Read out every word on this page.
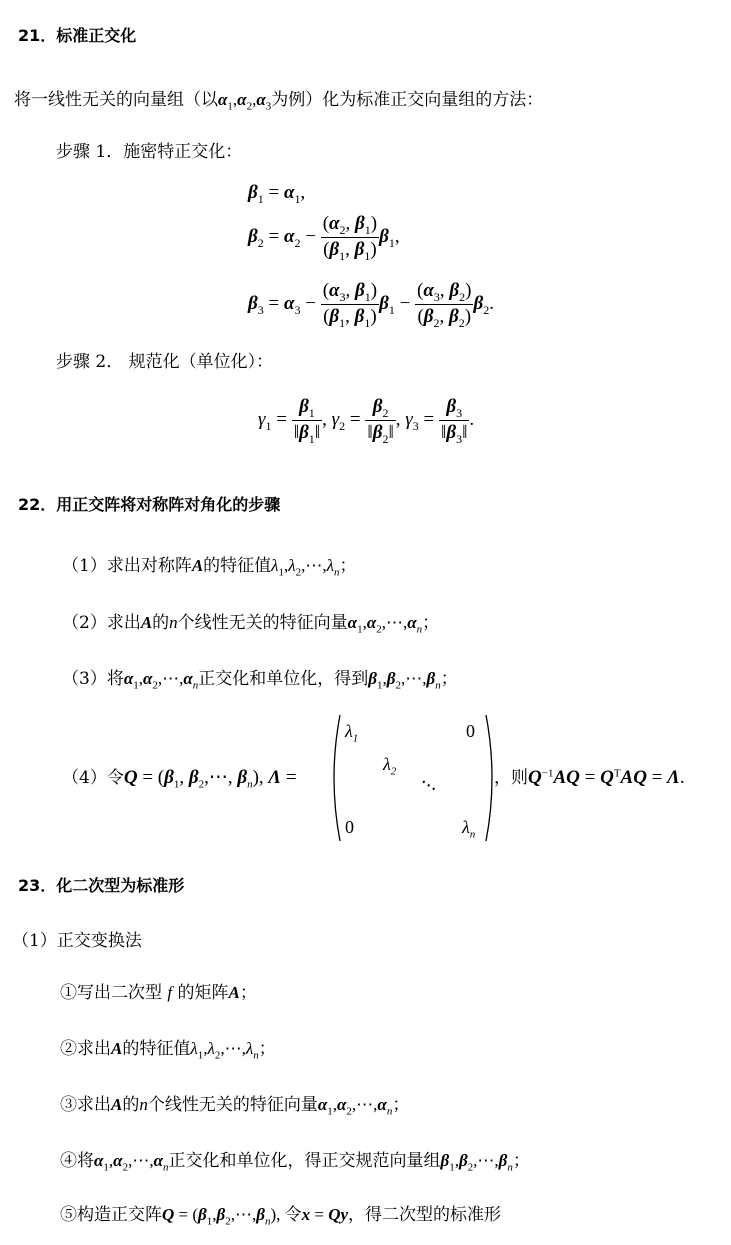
21．标准正交化
将一线性无关的向量组（以$\alpha_1,\alpha_2,\alpha_3$为例）化为标准正交向量组的方法：
步骤 1．施密特正交化：
$\beta_1 = \alpha_1$,
$\beta_2 = \alpha_2 - \frac{(\alpha_2, \beta_1)}{(\beta_1, \beta_1)} \beta_1$,
$\beta_3 = \alpha_3 - \frac{(\alpha_3, \beta_1)}{(\beta_1, \beta_1)} \beta_1 - \frac{(\alpha_3, \beta_2)}{(\beta_2, \beta_2)} \beta_2$.
步骤 2． 规范化（单位化）：
$\gamma_1 = \frac{\beta_1}{‖\beta_1‖}$ , $\gamma_2 = \frac{\beta_2}{‖\beta_2‖}$ , $\gamma_3 = \frac{\beta_3}{‖\beta_3‖}$ .
22．用正交阵将对称阵对角化的步骤
（1）求出对称阵A的特征值$\lambda_1,\lambda_2,\cdots,\lambda_n$；
（2）求出A的n个线性无关的特征向量$\alpha_1,\alpha_2,\cdots,\alpha_n$；
（3）将$\alpha_1,\alpha_2,\cdots,\alpha_n$正交化和单位化，得到$\beta_1,\beta_2,\cdots,\beta_n$；
（4）令$Q = (\beta_1$, $\beta_2,\cdots$, $\beta_n$), Λ =
$\lambda_1$	0
$\lambda_2$
⋯
0	$\lambda_n$
，则$Q^{-1}AQ = Q^TAQ = \Lambda$.
23．化二次型为标准形
（1）正交变换法
①写出二次型 f 的矩阵A；
②求出A的特征值$\lambda_1,\lambda_2,\cdots,\lambda_n$；
③求出A的n个线性无关的特征向量$\alpha_1,\alpha_2,\cdots,\alpha_n$；
④将$\alpha_1,\alpha_2,\cdots,\alpha_n$正交化和单位化，得正交规范向量组$\beta_1,\beta_2,\cdots,\beta_n$；
⑤构造正交阵$Q = (\beta_1,\beta_2,\cdots,\beta_n)$, 令x = Qy，得二次型的标准形
